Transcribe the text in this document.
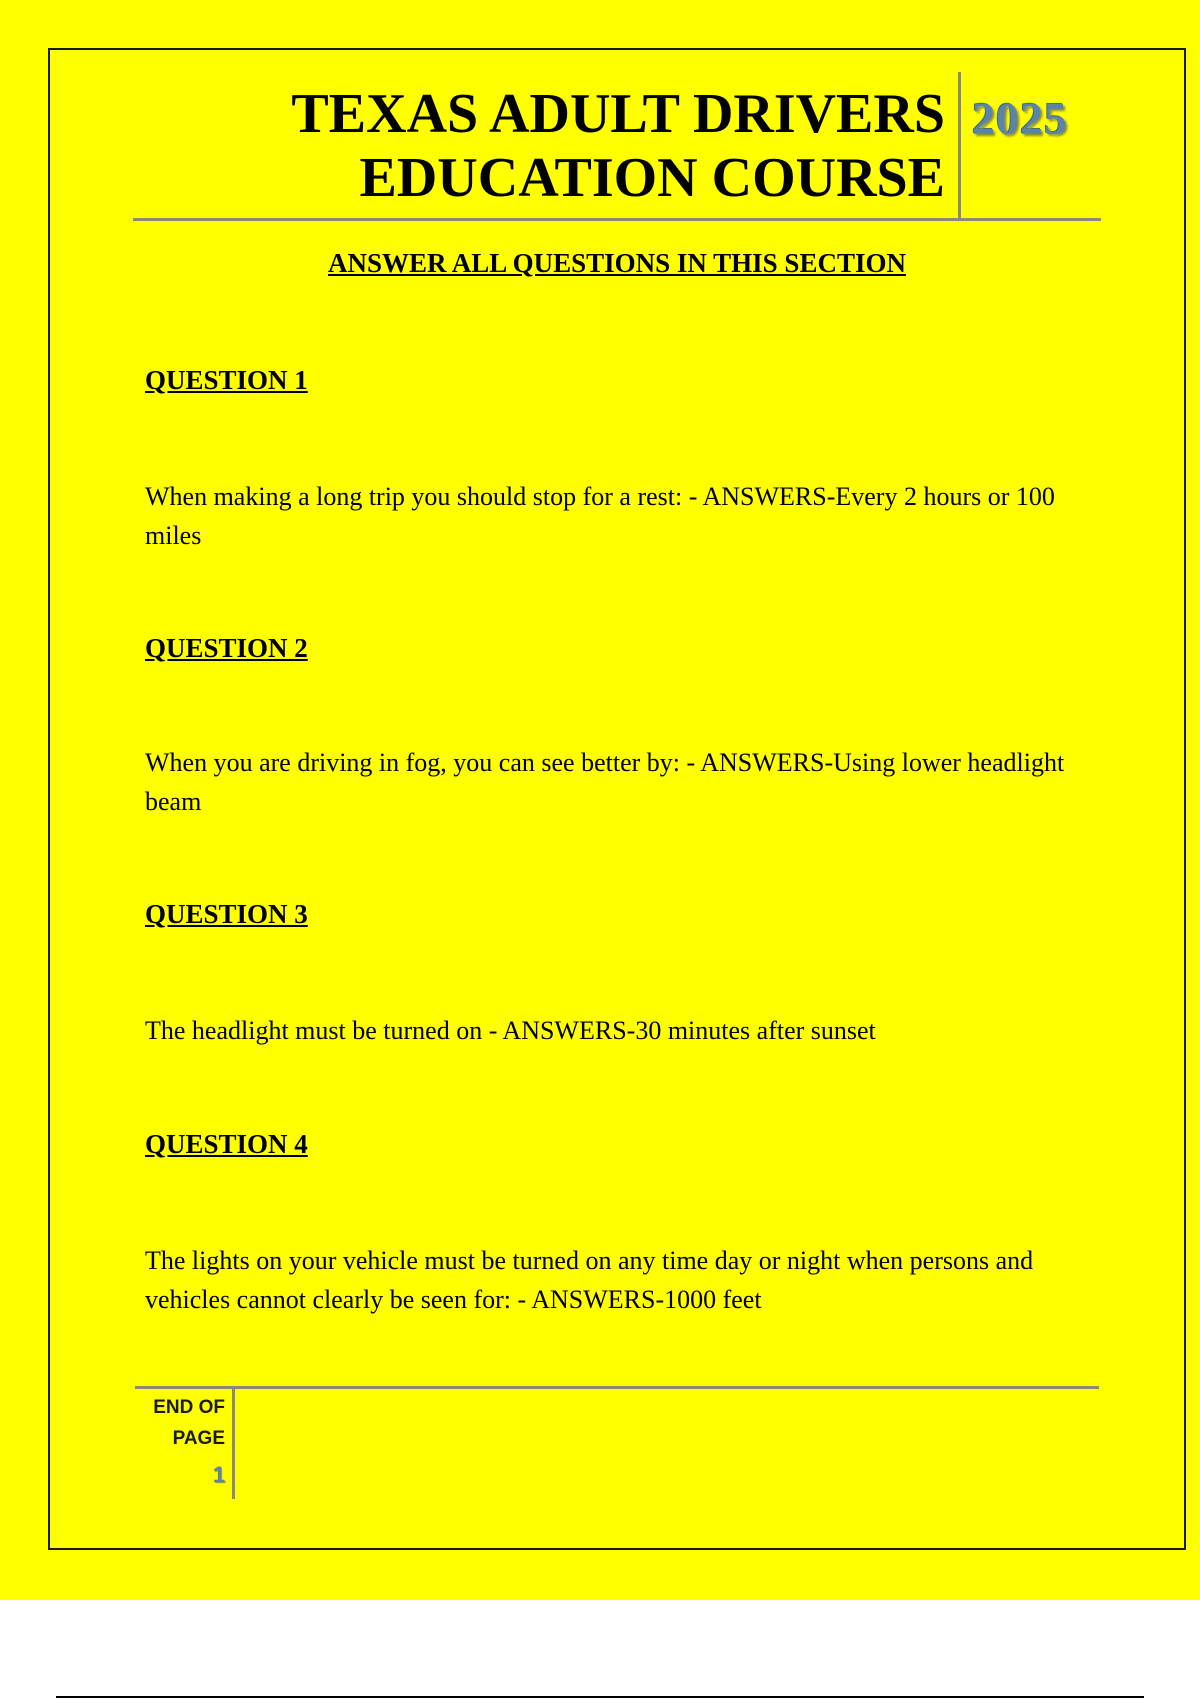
TEXAS ADULT DRIVERS
EDUCATION COURSE
2025
ANSWER ALL QUESTIONS IN THIS SECTION
QUESTION 1
When making a long trip you should stop for a rest: - ANSWERS-Every 2 hours or 100 miles
QUESTION 2
When you are driving in fog, you can see better by: - ANSWERS-Using lower headlight beam
QUESTION 3
The headlight must be turned on - ANSWERS-30 minutes after sunset
QUESTION 4
The lights on your vehicle must be turned on any time day or night when persons and vehicles cannot clearly be seen for: - ANSWERS-1000 feet
END OF
PAGE
1
